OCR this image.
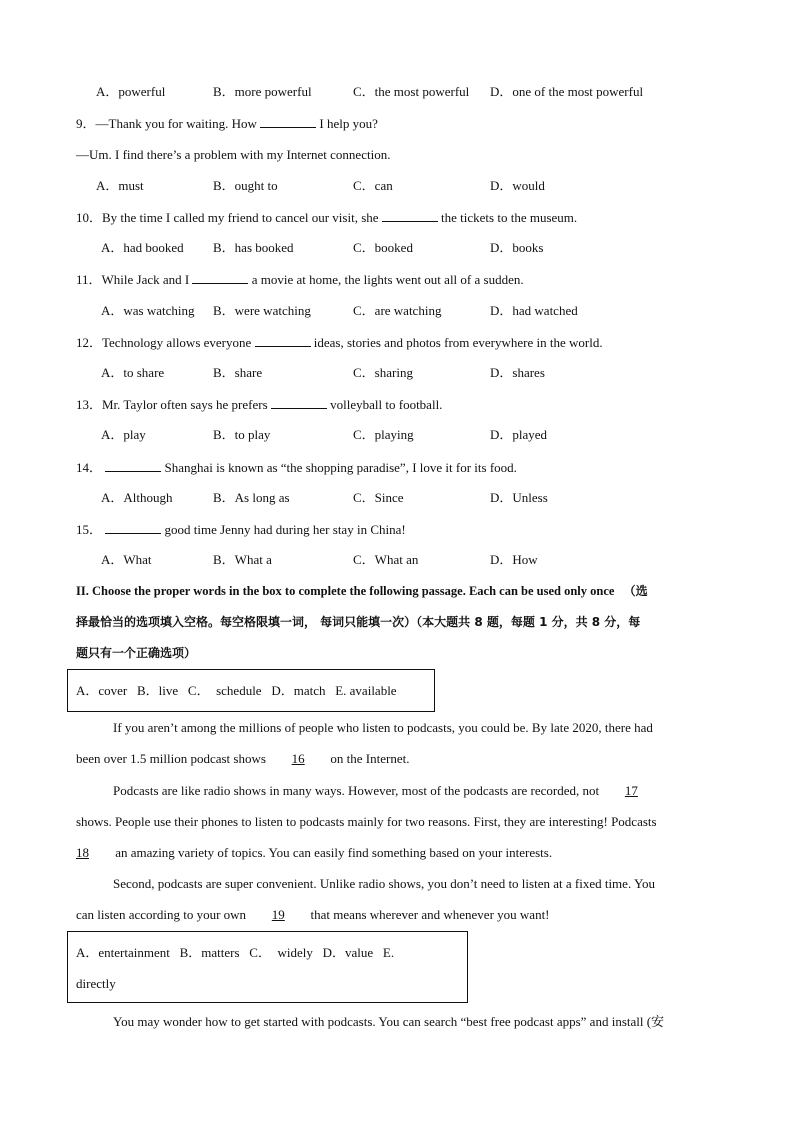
A．powerful	B．more powerful	C．the most powerful D．one of the most powerful
9．—Thank you for waiting. How	I help you?
—Um. I find there’s a problem with my Internet connection.
A．must	B．ought to	C．can	D．would
10．By the time I called my friend to cancel our visit, she	the tickets to the museum.
A．had booked B．has booked	C．booked	D．books
11．While Jack and I	a movie at home, the lights went out all of a sudden.
A．was watching B．were watching	C．are watching	D．had watched
12．Technology allows everyone	ideas, stories and photos from everywhere in the world.
A．to share	B．share	C．sharing	D．shares
13．Mr. Taylor often says he prefers	volleyball to football.
A．play	B．to play	C．playing	D．played
14．	Shanghai is known as “the shopping paradise”, I love it for its food.
A．Although	B．As long as	C．Since	D．Unless
15．	good time Jenny had during her stay in China!
A．What	B．What a	C．What an	D．How
II. Choose the proper words in the box to complete the following passage. Each can be used only once （选
择最恰当的选项填入空格。每空格限填一词， 每词只能填一次）（本大题共 8 题，每题 1 分，共 8 分，每
题只有一个正确选项）
A．cover   B．live   C．  schedule   D．match   E. available
If you aren’t among the millions of people who listen to podcasts, you could be. By late 2020, there had
been over 1.5 million podcast shows 16 on the Internet.
Podcasts are like radio shows in many ways. However, most of the podcasts are recorded, not 17
shows. People use their phones to listen to podcasts mainly for two reasons. First, they are interesting! Podcasts
18 an amazing variety of topics. You can easily find something based on your interests.
Second, podcasts are super convenient. Unlike radio shows, you don’t need to listen at a fixed time. You
can listen according to your own 19 that means wherever and whenever you want!
A．entertainment   B．matters   C．  widely   D．value   E.
directly
You may wonder how to get started with podcasts. You can search “best free podcast apps” and install (安
